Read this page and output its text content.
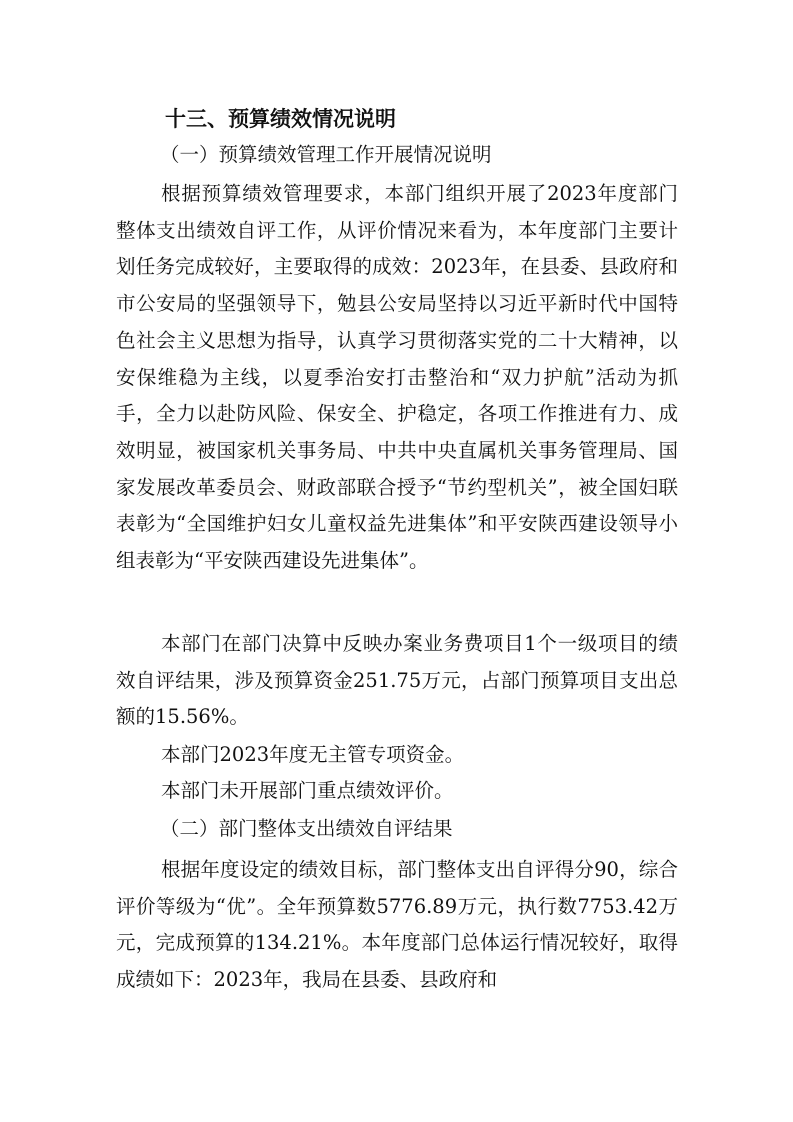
十三、预算绩效情况说明
（一）预算绩效管理工作开展情况说明

根据预算绩效管理要求，本部门组织开展了2023年度部门整体支出绩效自评工作，从评价情况来看为，本年度部门主要计划任务完成较好，主要取得的成效：2023年，在县委、县政府和市公安局的坚强领导下，勉县公安局坚持以习近平新时代中国特色社会主义思想为指导，认真学习贯彻落实党的二十大精神，以安保维稳为主线，以夏季治安打击整治和“双力护航”活动为抓手，全力以赴防风险、保安全、护稳定，各项工作推进有力、成效明显，被国家机关事务局、中共中央直属机关事务管理局、国家发展改革委员会、财政部联合授予“节约型机关”，被全国妇联表彰为“全国维护妇女儿童权益先进集体”和平安陕西建设领导小组表彰为“平安陕西建设先进集体”。

本部门在部门决算中反映办案业务费项目1个一级项目的绩效自评结果，涉及预算资金251.75万元，占部门预算项目支出总额的15.56%。

本部门2023年度无主管专项资金。
本部门未开展部门重点绩效评价。
（二）部门整体支出绩效自评结果

根据年度设定的绩效目标，部门整体支出自评得分90，综合评价等级为“优”。全年预算数5776.89万元，执行数7753.42万元，完成预算的134.21%。本年度部门总体运行情况较好，取得成绩如下：2023年，我局在县委、县政府和
